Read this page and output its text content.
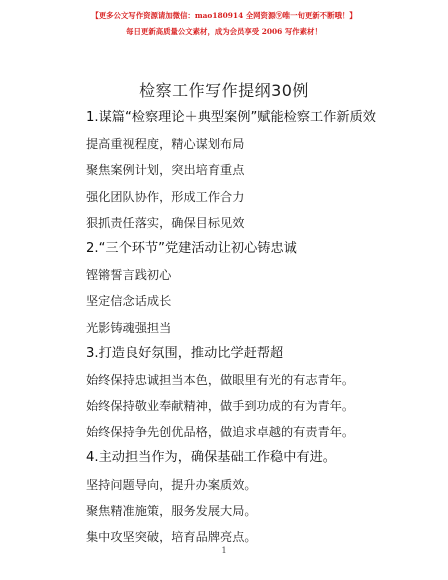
【更多公文写作资源请加微信：mao180914 全网资源⑨唯一旬更新不断哦！】
每日更新高质量公文素材，成为会员享受 2006 写作素材！
检察工作写作提纲30例
1.谋篇“检察理论＋典型案例”赋能检察工作新质效
提高重视程度，精心谋划布局
聚焦案例计划，突出培育重点
强化团队协作，形成工作合力
狠抓责任落实，确保目标见效
2.“三个环节”党建活动让初心铸忠诚
铿锵誓言践初心
坚定信念话成长
光影铸魂强担当
3.打造良好氛围，推动比学赶帮超
始终保持忠诚担当本色，做眼里有光的有志青年。
始终保持敬业奉献精神，做手到功成的有为青年。
始终保持争先创优品格，做追求卓越的有责青年。
4.主动担当作为，确保基础工作稳中有进。
坚持问题导向，提升办案质效。
聚焦精准施策，服务发展大局。
集中攻坚突破，培育品牌亮点。
1
